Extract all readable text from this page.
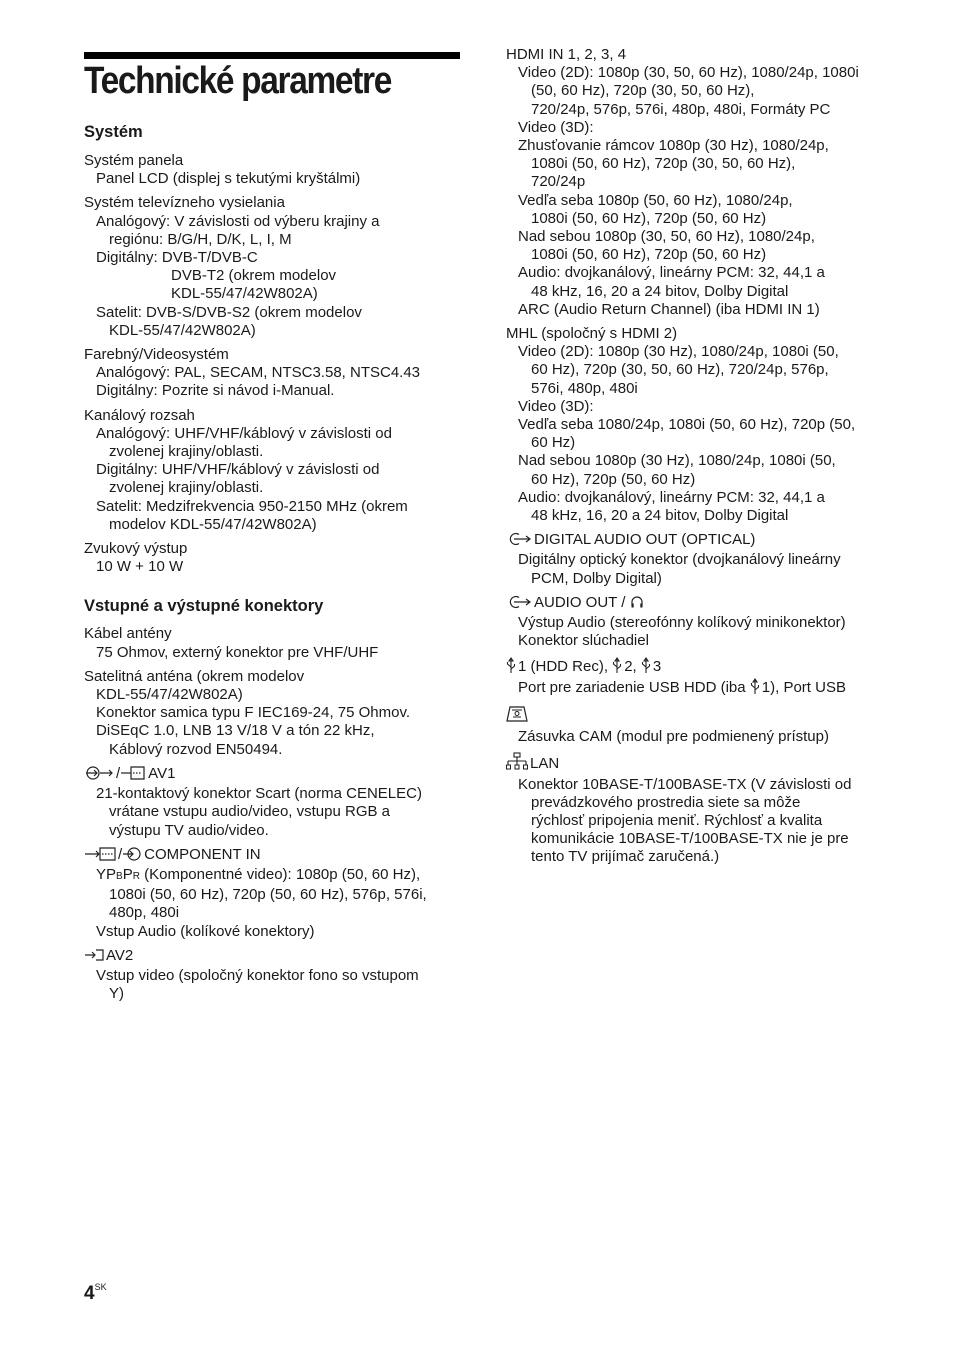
Technické parametre
Systém
Systém panela
Panel LCD (displej s tekutými kryštálmi)
Systém televízneho vysielania
Analógový: V závislosti od výberu krajiny a
regiónu: B/G/H, D/K, L, I, M
Digitálny: DVB-T/DVB-C
DVB-T2 (okrem modelov
KDL-55/47/42W802A)
Satelit: DVB-S/DVB-S2 (okrem modelov
KDL-55/47/42W802A)
Farebný/Videosystém
Analógový: PAL, SECAM, NTSC3.58, NTSC4.43
Digitálny: Pozrite si návod i-Manual.
Kanálový rozsah
Analógový: UHF/VHF/káblový v závislosti od
zvolenej krajiny/oblasti.
Digitálny: UHF/VHF/káblový v závislosti od
zvolenej krajiny/oblasti.
Satelit: Medzifrekvencia 950-2150 MHz (okrem
modelov KDL-55/47/42W802A)
Zvukový výstup
10 W + 10 W
Vstupné a výstupné konektory
Kábel antény
75 Ohmov, externý konektor pre VHF/UHF
Satelitná anténa (okrem modelov
KDL-55/47/42W802A)
Konektor samica typu F IEC169-24, 75 Ohmov.
DiSEqC 1.0, LNB 13 V/18 V a tón 22 kHz,
Káblový rozvod EN50494.
/ AV1
21-kontaktový konektor Scart (norma CENELEC)
vrátane vstupu audio/video, vstupu RGB a
výstupu TV audio/video.
/ COMPONENT IN
YPBPR (Komponentné video): 1080p (50, 60 Hz),
1080i (50, 60 Hz), 720p (50, 60 Hz), 576p, 576i,
480p, 480i
Vstup Audio (kolíkové konektory)
AV2
Vstup video (spoločný konektor fono so vstupom
Y)
HDMI IN 1, 2, 3, 4
Video (2D): 1080p (30, 50, 60 Hz), 1080/24p, 1080i
(50, 60 Hz), 720p (30, 50, 60 Hz),
720/24p, 576p, 576i, 480p, 480i, Formáty PC
Video (3D):
Zhusťovanie rámcov 1080p (30 Hz), 1080/24p,
1080i (50, 60 Hz), 720p (30, 50, 60 Hz),
720/24p
Vedľa seba 1080p (50, 60 Hz), 1080/24p,
1080i (50, 60 Hz), 720p (50, 60 Hz)
Nad sebou 1080p (30, 50, 60 Hz), 1080/24p,
1080i (50, 60 Hz), 720p (50, 60 Hz)
Audio: dvojkanálový, lineárny PCM: 32, 44,1 a
48 kHz, 16, 20 a 24 bitov, Dolby Digital
ARC (Audio Return Channel) (iba HDMI IN 1)
MHL (spoločný s HDMI 2)
Video (2D): 1080p (30 Hz), 1080/24p, 1080i (50,
60 Hz), 720p (30, 50, 60 Hz), 720/24p, 576p,
576i, 480p, 480i
Video (3D):
Vedľa seba 1080/24p, 1080i (50, 60 Hz), 720p (50,
60 Hz)
Nad sebou 1080p (30 Hz), 1080/24p, 1080i (50,
60 Hz), 720p (50, 60 Hz)
Audio: dvojkanálový, lineárny PCM: 32, 44,1 a
48 kHz, 16, 20 a 24 bitov, Dolby Digital
DIGITAL AUDIO OUT (OPTICAL)
Digitálny optický konektor (dvojkanálový lineárny
PCM, Dolby Digital)
AUDIO OUT /
Výstup Audio (stereofónny kolíkový minikonektor)
Konektor slúchadiel
1 (HDD Rec), 2, 3
Port pre zariadenie USB HDD (iba 1), Port USB
Zásuvka CAM (modul pre podmienený prístup)
LAN
Konektor 10BASE-T/100BASE-TX (V závislosti od
prevádzkového prostredia siete sa môže
rýchlosť pripojenia meniť. Rýchlosť a kvalita
komunikácie 10BASE-T/100BASE-TX nie je pre
tento TV prijímač zaručená.)
$4^{SK}$
